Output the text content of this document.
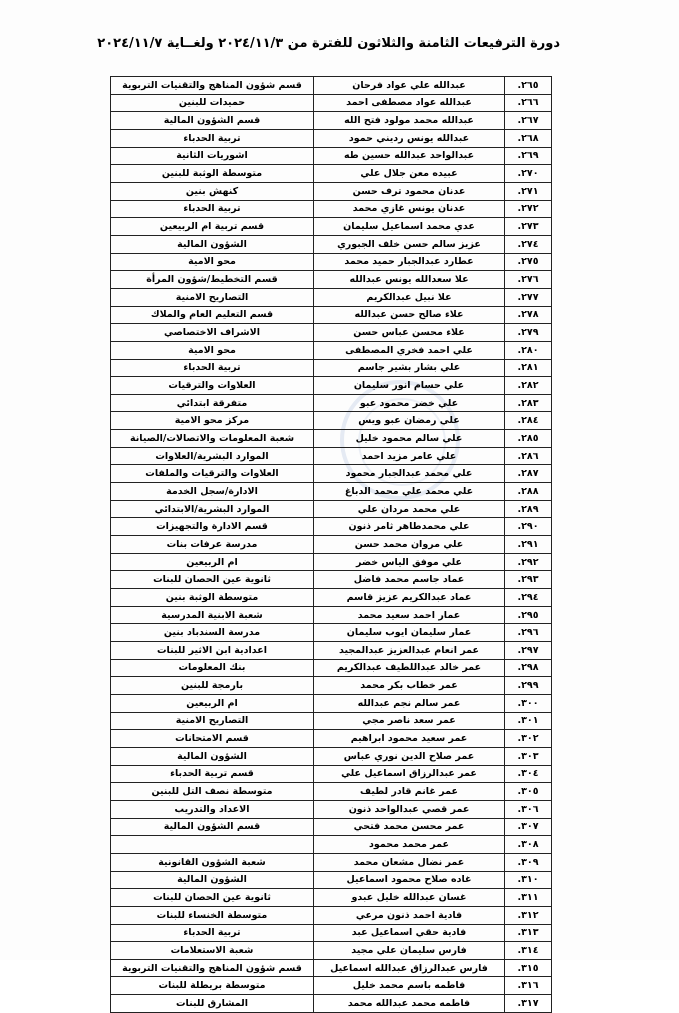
دورة الترفيعات الثامنة والثلاثون للفترة من ٢٠٢٤/١١/٣ ولغــاية ٢٠٢٤/١١/٧
.٢٦٥	عبدالله علي عواد فرحان	قسم شؤون المناهج والتقنيات التربوية
.٢٦٦	عبدالله عواد مصطفى احمد	حميدات للبنين
.٢٦٧	عبدالله محمد مولود فتح الله	قسم الشؤون المالية
.٢٦٨	عبدالله يونس رديني حمود	تربية الحدباء
.٢٦٩	عبدالواحد عبدالله حسين طه	اشوريات الثانية
.٢٧٠	عبيده معن جلال علي	متوسطة الوثبة للبنين
.٢٧١	عدنان محمود ترف حسن	كنهش بنين
.٢٧٢	عدنان يونس غازي محمد	تربية الحدباء
.٢٧٣	عدي محمد اسماعيل سليمان	قسم تربية ام الربيعين
.٢٧٤	عزيز سالم حسن خلف الجبوري	الشؤون المالية
.٢٧٥	عطارد عبدالجبار حميد محمد	محو الامية
.٢٧٦	علا سعدالله يونس عبدالله	قسم التخطيط/شؤون المرأة
.٢٧٧	علا نبيل عبدالكريم	التصاريح الامنية
.٢٧٨	علاء صالح حسن عبدالله	قسم التعليم العام والملاك
.٢٧٩	علاء محسن عباس حسن	الاشراف الاختصاصي
.٢٨٠	علي احمد فخري المصطفى	محو الامية
.٢٨١	علي بشار بشير جاسم	تربية الحدباء
.٢٨٢	علي حسام انور سليمان	العلاوات والترقيات
.٢٨٣	علي خضر محمود عبو	متفرقة ابتدائي
.٢٨٤	علي رمضان عبو ويس	مركز محو الامية
.٢٨٥	علي سالم محمود خليل	شعبة المعلومات والاتصالات/الصيانة
.٢٨٦	علي عامر مزيد احمد	الموارد البشرية/العلاوات
.٢٨٧	علي محمد عبدالجبار محمود	العلاوات والترقيات والملفات
.٢٨٨	علي محمد علي محمد الدباغ	الادارة/سجل الخدمة
.٢٨٩	علي محمد مردان علي	الموارد البشرية/الابتدائي
.٢٩٠	علي محمدطاهر ثامر ذنون	قسم الادارة والتجهيزات
.٢٩١	علي مروان محمد حسن	مدرسة عرفات بنات
.٢٩٢	علي موفق الياس خضر	ام الربيعين
.٢٩٣	عماد جاسم محمد فاضل	ثانوية عين الحصان للبنات
.٢٩٤	عماد عبدالكريم عزيز قاسم	متوسطة الوثبة بنين
.٢٩٥	عمار احمد سعيد محمد	شعبة الابنية المدرسية
.٢٩٦	عمار سليمان ايوب سليمان	مدرسة السندباد بنين
.٢٩٧	عمر انعام عبدالعزيز عبدالمجيد	اعدادية ابن الاثير للبنات
.٢٩٨	عمر خالد عبداللطيف عبدالكريم	بنك المعلومات
.٢٩٩	عمر خطاب بكر محمد	بارمجة للبنين
.٣٠٠	عمر سالم نجم عبدالله	ام الربيعين
.٣٠١	عمر سعد ناصر مجي	التصاريح الامنية
.٣٠٢	عمر سعيد محمود ابراهيم	قسم الامتحانات
.٣٠٣	عمر صلاح الدين نوري عباس	الشؤون المالية
.٣٠٤	عمر عبدالرزاق اسماعيل علي	قسم تربية الحدباء
.٣٠٥	عمر غانم قادر لطيف	متوسطة نصف التل للبنين
.٣٠٦	عمر قصي عبدالواحد ذنون	الاعداد والتدريب
.٣٠٧	عمر محسن محمد فتحي	قسم الشؤون المالية
.٣٠٨	عمر محمد محمود	
.٣٠٩	عمر نضال مشعان محمد	شعبة الشؤون القانونية
.٣١٠	غاده صلاح محمود اسماعيل	الشؤون المالية
.٣١١	غسان عبدالله خليل عبدو	ثانوية عين الحصان للبنات
.٣١٢	فادية احمد ذنون مرعي	متوسطة الخنساء للبنات
.٣١٣	فادية حقي اسماعيل عبد	تربية الحدباء
.٣١٤	فارس سليمان علي مجيد	شعبة الاستعلامات
.٣١٥	فارس عبدالرزاق عبدالله اسماعيل	قسم شؤون المناهج والتقنيات التربوية
.٣١٦	فاطمه باسم محمد خليل	متوسطة بريطلة للبنات
.٣١٧	فاطمه محمد عبدالله محمد	المشارق للبنات
